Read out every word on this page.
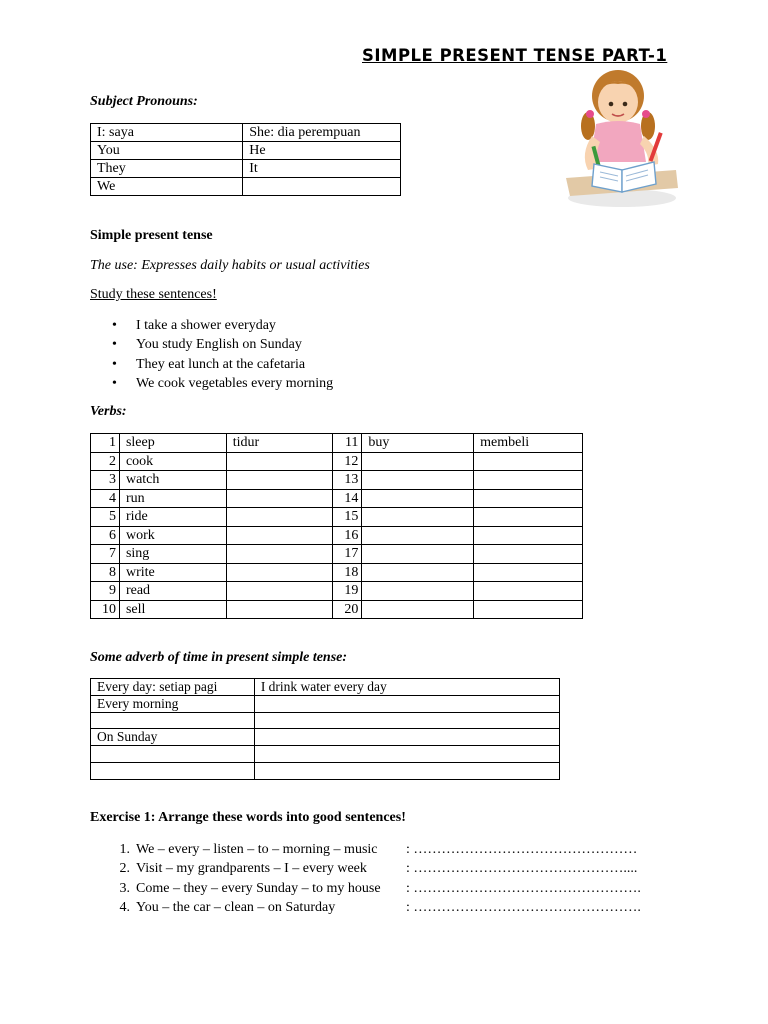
SIMPLE PRESENT TENSE PART-1
Subject Pronouns:
I: saya	She: dia perempuan
You	He
They	It
We	
Simple present tense
The use: Expresses daily habits or usual activities
Study these sentences!
• I take a shower everyday
• You study English on Sunday
• They eat lunch at the cafetaria
• We cook vegetables every morning
Verbs:
1	sleep	tidur	11	buy	membeli
2	cook		12		
3	watch		13		
4	run		14		
5	ride		15		
6	work		16		
7	sing		17		
8	write		18		
9	read		19		
10	sell		20		
Some adverb of time in present simple tense:
Every day: setiap pagi	I drink water every day
Every morning	

On Sunday	

Exercise 1: Arrange these words into good sentences!
1. We – every – listen – to – morning – music : …………………………………………
2. Visit – my grandparents – I – every week	: ………………………………………....
3. Come – they – every Sunday – to my house : ………………………………………….
4. You – the car – clean – on Saturday	: ………………………………………….
